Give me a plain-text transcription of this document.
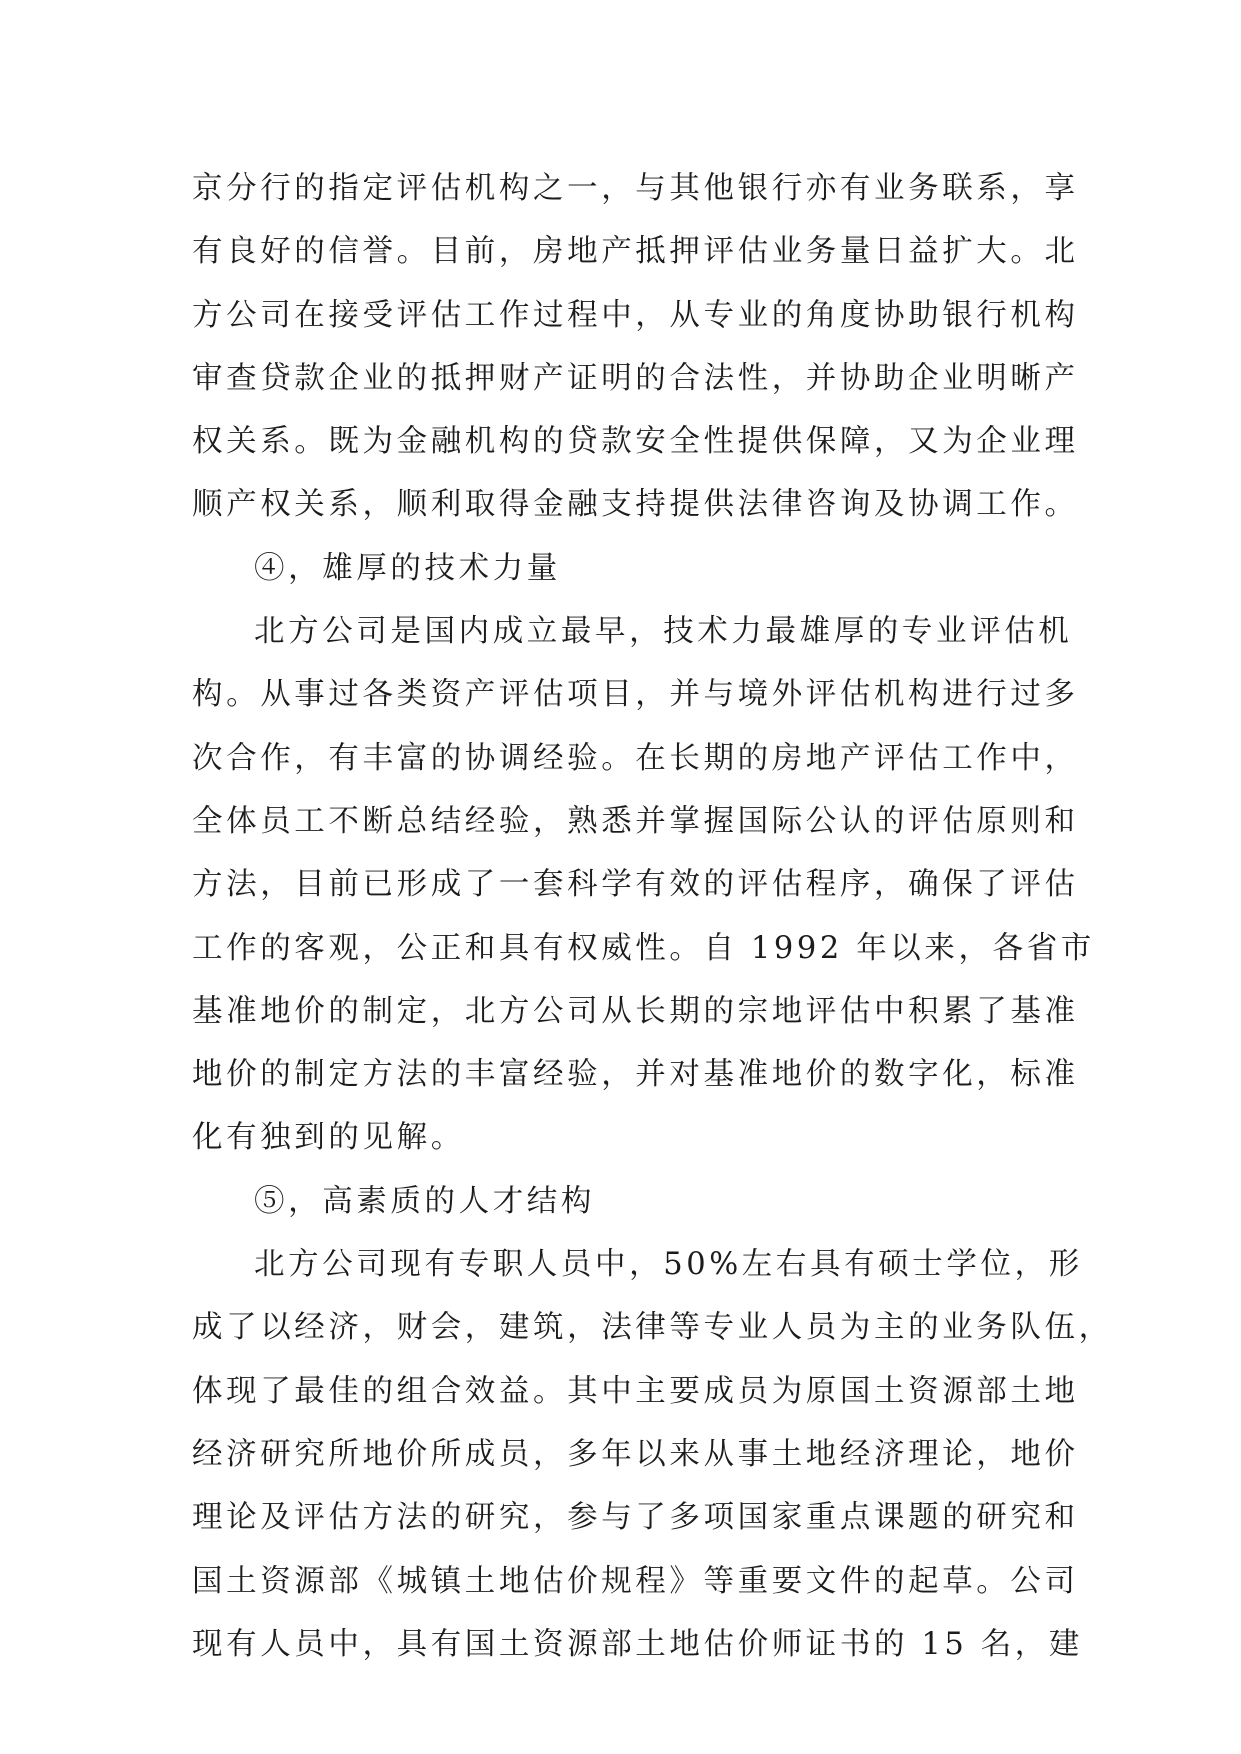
京分行的指定评估机构之一，与其他银行亦有业务联系，享
有良好的信誉。目前，房地产抵押评估业务量日益扩大。北
方公司在接受评估工作过程中，从专业的角度协助银行机构
审查贷款企业的抵押财产证明的合法性，并协助企业明晰产
权关系。既为金融机构的贷款安全性提供保障，又为企业理
顺产权关系，顺利取得金融支持提供法律咨询及协调工作。
④，雄厚的技术力量
北方公司是国内成立最早，技术力最雄厚的专业评估机
构。从事过各类资产评估项目，并与境外评估机构进行过多
次合作，有丰富的协调经验。在长期的房地产评估工作中，
全体员工不断总结经验，熟悉并掌握国际公认的评估原则和
方法，目前已形成了一套科学有效的评估程序，确保了评估
工作的客观，公正和具有权威性。自 1992 年以来，各省市
基准地价的制定，北方公司从长期的宗地评估中积累了基准
地价的制定方法的丰富经验，并对基准地价的数字化，标准
化有独到的见解。
⑤，高素质的人才结构
北方公司现有专职人员中，50%左右具有硕士学位，形
成了以经济，财会，建筑，法律等专业人员为主的业务队伍，
体现了最佳的组合效益。其中主要成员为原国土资源部土地
经济研究所地价所成员，多年以来从事土地经济理论，地价
理论及评估方法的研究，参与了多项国家重点课题的研究和
国土资源部《城镇土地估价规程》等重要文件的起草。公司
现有人员中，具有国土资源部土地估价师证书的 15 名，建
